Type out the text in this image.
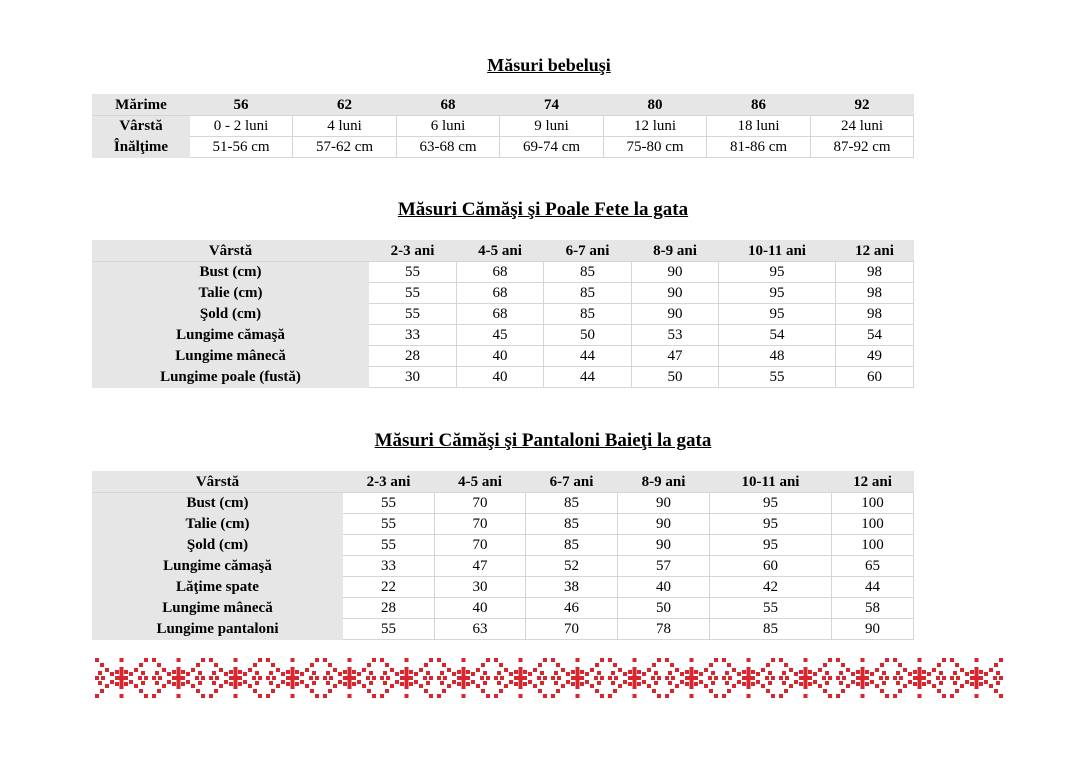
Măsuri bebeluşi
Mărime	56	62	68	74	80	86	92
Vârstă	0 - 2 luni	4 luni	6 luni	9 luni	12 luni	18 luni	24 luni
Înălţime	51-56 cm	57-62 cm	63-68 cm	69-74 cm	75-80 cm	81-86 cm	87-92 cm
Măsuri Cămăşi şi Poale Fete la gata
Vârstă	2-3 ani	4-5 ani	6-7 ani	8-9 ani	10-11 ani	12 ani
Bust (cm)	55	68	85	90	95	98
Talie (cm)	55	68	85	90	95	98
Şold (cm)	55	68	85	90	95	98
Lungime cămaşă	33	45	50	53	54	54
Lungime mânecă	28	40	44	47	48	49
Lungime poale (fustă)	30	40	44	50	55	60
Măsuri Cămăşi şi Pantaloni Baieţi la gata
Vârstă	2-3 ani	4-5 ani	6-7 ani	8-9 ani	10-11 ani	12 ani
Bust (cm)	55	70	85	90	95	100
Talie (cm)	55	70	85	90	95	100
Şold (cm)	55	70	85	90	95	100
Lungime cămaşă	33	47	52	57	60	65
Lăţime spate	22	30	38	40	42	44
Lungime mânecă	28	40	46	50	55	58
Lungime pantaloni	55	63	70	78	85	90
